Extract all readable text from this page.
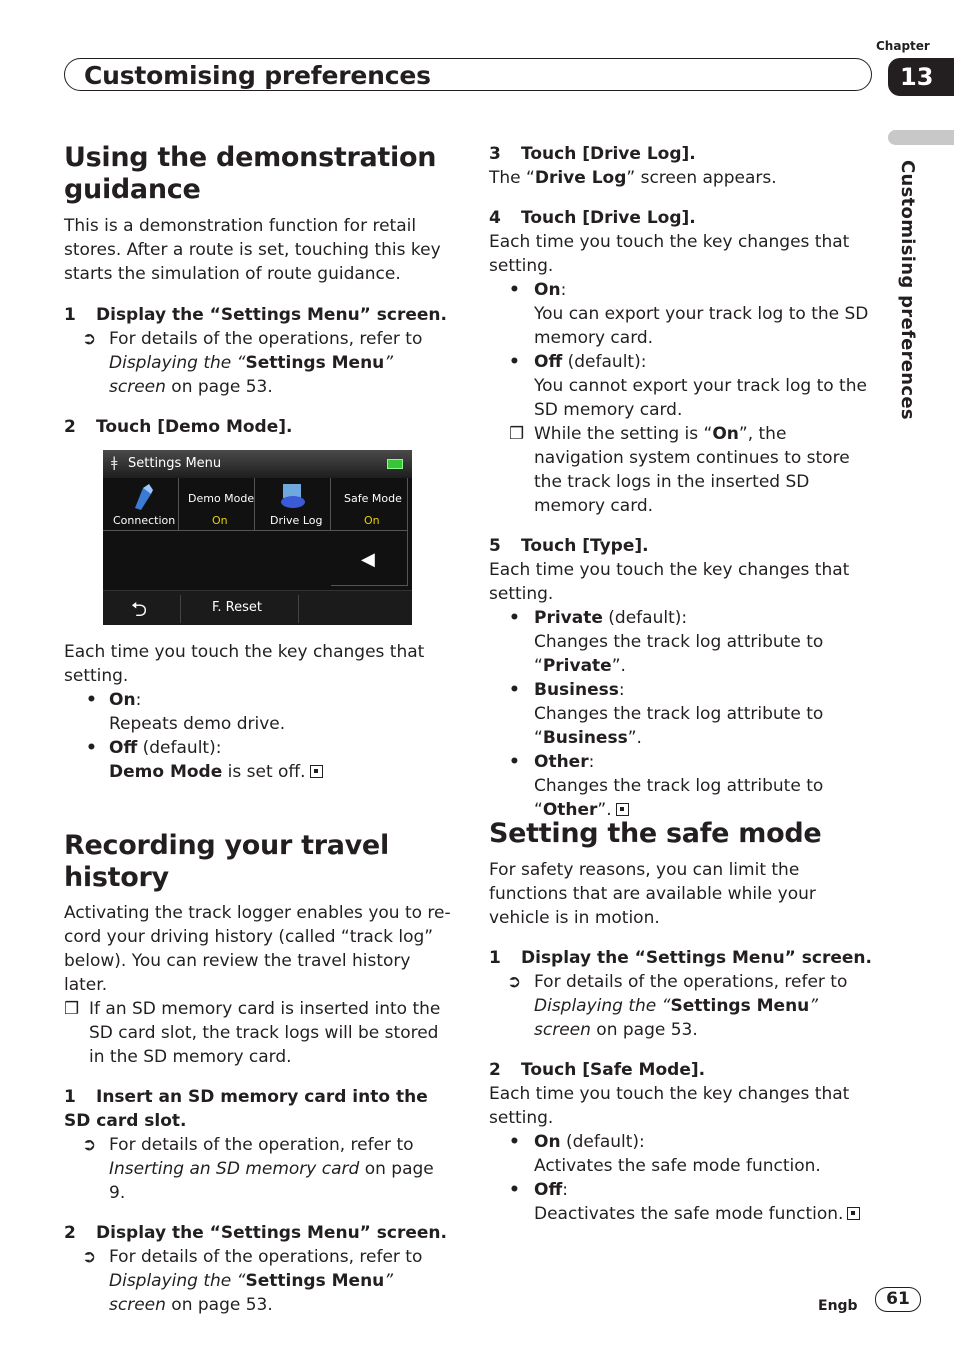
Chapter
Customising preferences	13
Customising preferences
Using the demonstration guidance

This is a demonstration function for retail stores. After a route is set, touching this key starts the simulation of route guidance.

1 Display the “Settings Menu” screen.

➲ For details of the operations, refer to Displaying the “Settings Menu” screen on page 53.

2 Touch [Demo Mode].

ǂ Settings Menu
Connection
Demo Mode
On	Drive Log
Safe Mode
On
◀
⮌	F. Reset

Each time you touch the key changes that setting.

• On:

Repeats demo drive.

• Off (default):

Demo Mode is set off.

Recording your travel history

Activating the track logger enables you to record your driving history (called “track log” below). You can review the travel history later.

❒ If an SD memory card is inserted into the SD card slot, the track logs will be stored in the SD memory card.

1 Insert an SD memory card into the SD card slot.

➲ For details of the operation, refer to Inserting an SD memory card on page 9.

2 Display the “Settings Menu” screen.

➲ For details of the operations, refer to Displaying the “Settings Menu” screen on page 53.

3 Touch [Drive Log].

The “Drive Log” screen appears.

4 Touch [Drive Log].

Each time you touch the key changes that setting.

• On:

You can export your track log to the SD memory card.

• Off (default):

You cannot export your track log to the SD memory card.

❒ While the setting is “On”, the navigation system continues to store the track logs in the inserted SD memory card.

5 Touch [Type].

Each time you touch the key changes that setting.

• Private (default):

Changes the track log attribute to “Private”.

• Business:

Changes the track log attribute to “Business”.

• Other:

Changes the track log attribute to “Other”.

Setting the safe mode

For safety reasons, you can limit the functions that are available while your vehicle is in motion.

1 Display the “Settings Menu” screen.

➲ For details of the operations, refer to Displaying the “Settings Menu” screen on page 53.

2 Touch [Safe Mode].

Each time you touch the key changes that setting.

• On (default):

Activates the safe mode function.

• Off:

Deactivates the safe mode function.

Engb	61
